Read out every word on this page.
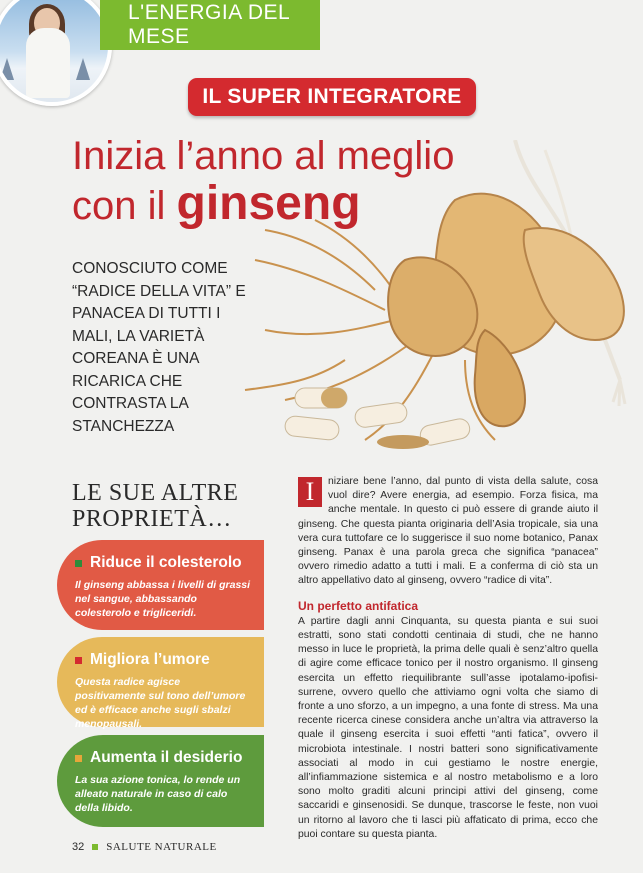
L'ENERGIA DEL MESE
IL SUPER INTEGRATORE
Inizia l’anno al meglio
con il ginseng
CONOSCIUTO COME “RADICE DELLA VITA” E PANACEA DI TUTTI I MALI, LA VARIETÀ COREANA È UNA RICARICA CHE CONTRASTA LA STANCHEZZA
LE SUE ALTRE
PROPRIETÀ…
Riduce il colesterolo
Il ginseng abbassa i livelli di grassi nel sangue, abbassando colesterolo e trigliceridi.
Migliora l’umore
Questa radice agisce positivamente sul tono dell’umore ed è efficace anche sugli sbalzi menopausali.
Aumenta il desiderio
La sua azione tonica, lo rende un alleato naturale in caso di calo della libido.

I	niziare bene l’anno, dal punto di vista della salute, cosa vuol dire? Avere energia, ad esempio. Forza fisica, ma anche mentale. In questo ci può essere di grande aiuto il ginseng. Che questa pianta originaria dell’Asia tropicale, sia una vera cura tuttofare ce lo suggerisce il suo nome botanico, Panax ginseng. Panax è una parola greca che significa “panacea” ovvero rimedio adatto a tutti i mali. E a conferma di ciò sta un altro appellativo dato al ginseng, ovvero “radice di vita”.

Un perfetto antifatica

A partire dagli anni Cinquanta, su questa pianta e sui suoi estratti, sono stati condotti centinaia di studi, che ne hanno messo in luce le proprietà, la prima delle quali è senz’altro quella di agire come efficace tonico per il nostro organismo. Il ginseng esercita un effetto riequilibrante sull’asse ipotalamo-ipofisi-surrene, ovvero quello che attiviamo ogni volta che siamo di fronte a uno sforzo, a un impegno, a una fonte di stress. Ma una recente ricerca cinese considera anche un’altra via attraverso la quale il ginseng esercita i suoi effetti “anti fatica”, ovvero il microbiota intestinale. I nostri batteri sono significativamente associati al modo in cui gestiamo le nostre energie, all’infiammazione sistemica e al nostro metabolismo e a loro sono molto graditi alcuni principi attivi del ginseng, come saccaridi e ginsenosidi. Se dunque, trascorse le feste, non vuoi un ritorno al lavoro che ti lasci più affaticato di prima, ecco che puoi contare su questa pianta.

32 SALUTE NATURALE
